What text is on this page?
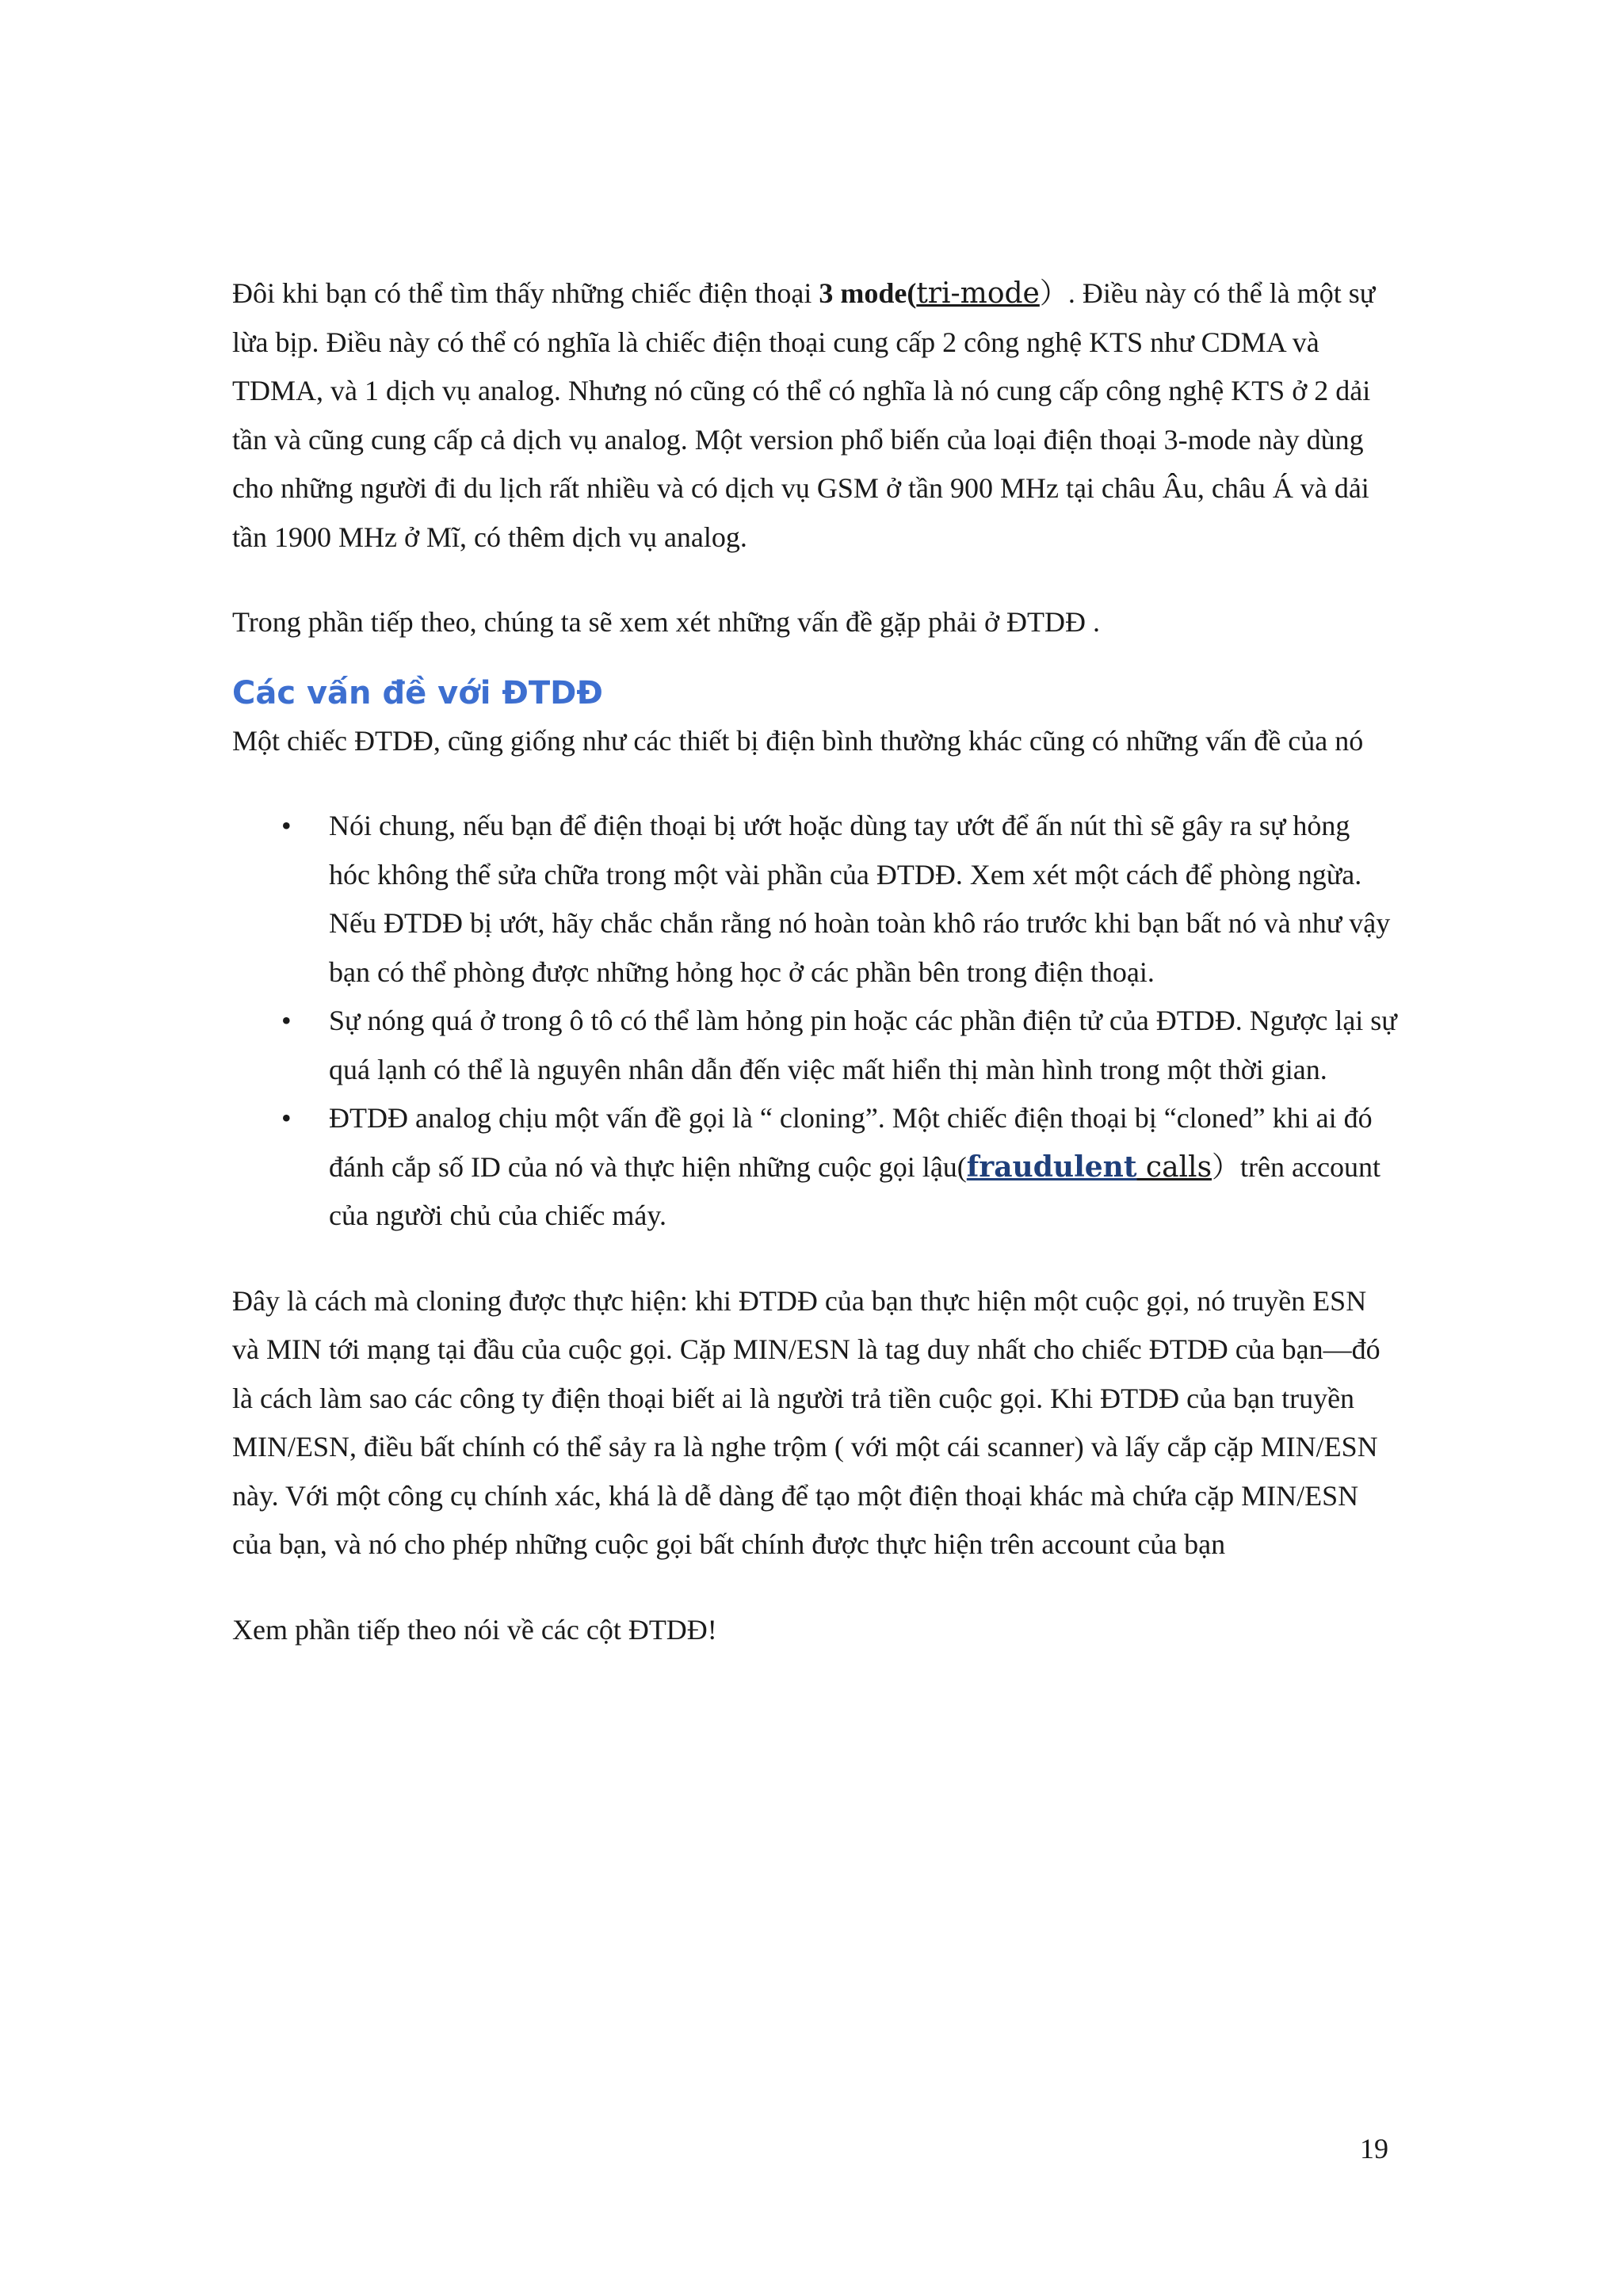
Đôi khi bạn có thể tìm thấy những chiếc điện thoại 3 mode(tri-mode）. Điều này có thể là một sự lừa bịp. Điều này có thể có nghĩa là chiếc điện thoại cung cấp 2 công nghệ KTS như CDMA và TDMA, và 1 dịch vụ analog. Nhưng nó cũng có thể có nghĩa là nó cung cấp công nghệ KTS ở 2 dải tần và cũng cung cấp cả dịch vụ analog. Một version phổ biến của loại điện thoại 3-mode này dùng cho những người đi du lịch rất nhiều và có dịch vụ GSM ở tần 900 MHz tại châu Âu, châu Á và dải tần 1900 MHz ở Mĩ, có thêm dịch vụ analog.

Trong phần tiếp theo, chúng ta sẽ xem xét những vấn đề gặp phải ở ĐTDĐ .

Các vấn đề với ĐTDĐ

Một chiếc ĐTDĐ, cũng giống như các thiết bị điện bình thường khác cũng có những vấn đề của nó

• Nói chung, nếu bạn để điện thoại bị ướt hoặc dùng tay ướt để ấn nút thì sẽ gây ra sự hỏng hóc không thể sửa chữa trong một vài phần của ĐTDĐ. Xem xét một cách để phòng ngừa. Nếu ĐTDĐ bị ướt, hãy chắc chắn rằng nó hoàn toàn khô ráo trước khi bạn bất nó và như vậy bạn có thể phòng được những hỏng học ở các phần bên trong điện thoại.
• Sự nóng quá ở trong ô tô có thể làm hỏng pin hoặc các phần điện tử của ĐTDĐ. Ngược lại sự quá lạnh có thể là nguyên nhân dẫn đến việc mất hiển thị màn hình trong một thời gian.
• ĐTDĐ analog chịu một vấn đề gọi là “ cloning”. Một chiếc điện thoại bị “cloned” khi ai đó đánh cắp số ID của nó và thực hiện những cuộc gọi lậu(fraudulent calls）trên account của người chủ của chiếc máy.

Đây là cách mà cloning được thực hiện: khi ĐTDĐ của bạn thực hiện một cuộc gọi, nó truyền ESN và MIN tới mạng tại đầu của cuộc gọi. Cặp MIN/ESN là tag duy nhất cho chiếc ĐTDĐ của bạn—đó là cách làm sao các công ty điện thoại biết ai là người trả tiền cuộc gọi. Khi ĐTDĐ của bạn truyền MIN/ESN, điều bất chính có thể sảy ra là nghe trộm ( với một cái scanner) và lấy cắp cặp MIN/ESN này. Với một công cụ chính xác, khá là dễ dàng để tạo một điện thoại khác mà chứa cặp MIN/ESN của bạn, và nó cho phép những cuộc gọi bất chính được thực hiện trên account của bạn

Xem phần tiếp theo nói về các cột ĐTDĐ!

19
